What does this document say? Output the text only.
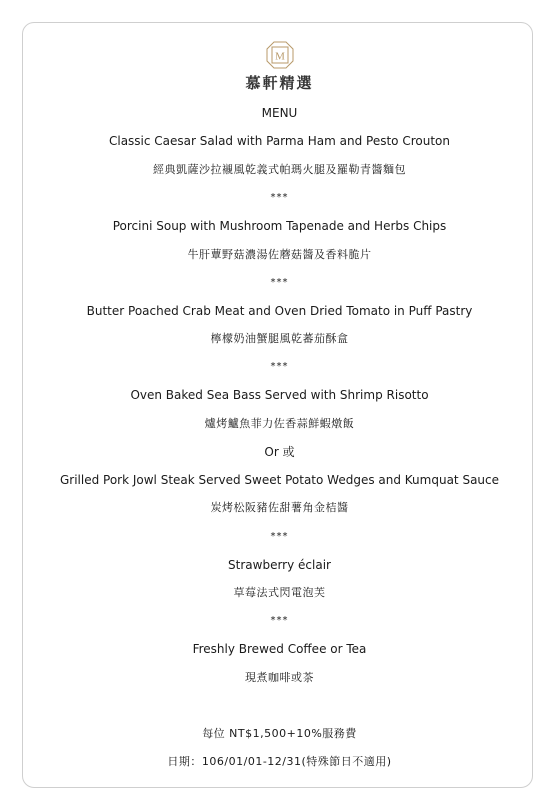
M
慕軒精選
MENU
Classic Caesar Salad with Parma Ham and Pesto Crouton
經典凱薩沙拉襯風乾義式帕瑪火腿及羅勒青醬麵包
***
Porcini Soup with Mushroom Tapenade and Herbs Chips
牛肝蕈野菇濃湯佐蘑菇醬及香料脆片
***
Butter Poached Crab Meat and Oven Dried Tomato in Puff Pastry
檸檬奶油蟹腿風乾蕃茄酥盒
***
Oven Baked Sea Bass Served with Shrimp Risotto
爐烤鱸魚菲力佐香蒜鮮蝦燉飯
Or 或
Grilled Pork Jowl Steak Served Sweet Potato Wedges and Kumquat Sauce
炭烤松阪豬佐甜薯角金桔醬
***
Strawberry éclair
草莓法式閃電泡芙
***
Freshly Brewed Coffee or Tea
現煮咖啡或茶
每位 NT$1,500+10%服務費
日期：106/01/01-12/31(特殊節日不適用)
